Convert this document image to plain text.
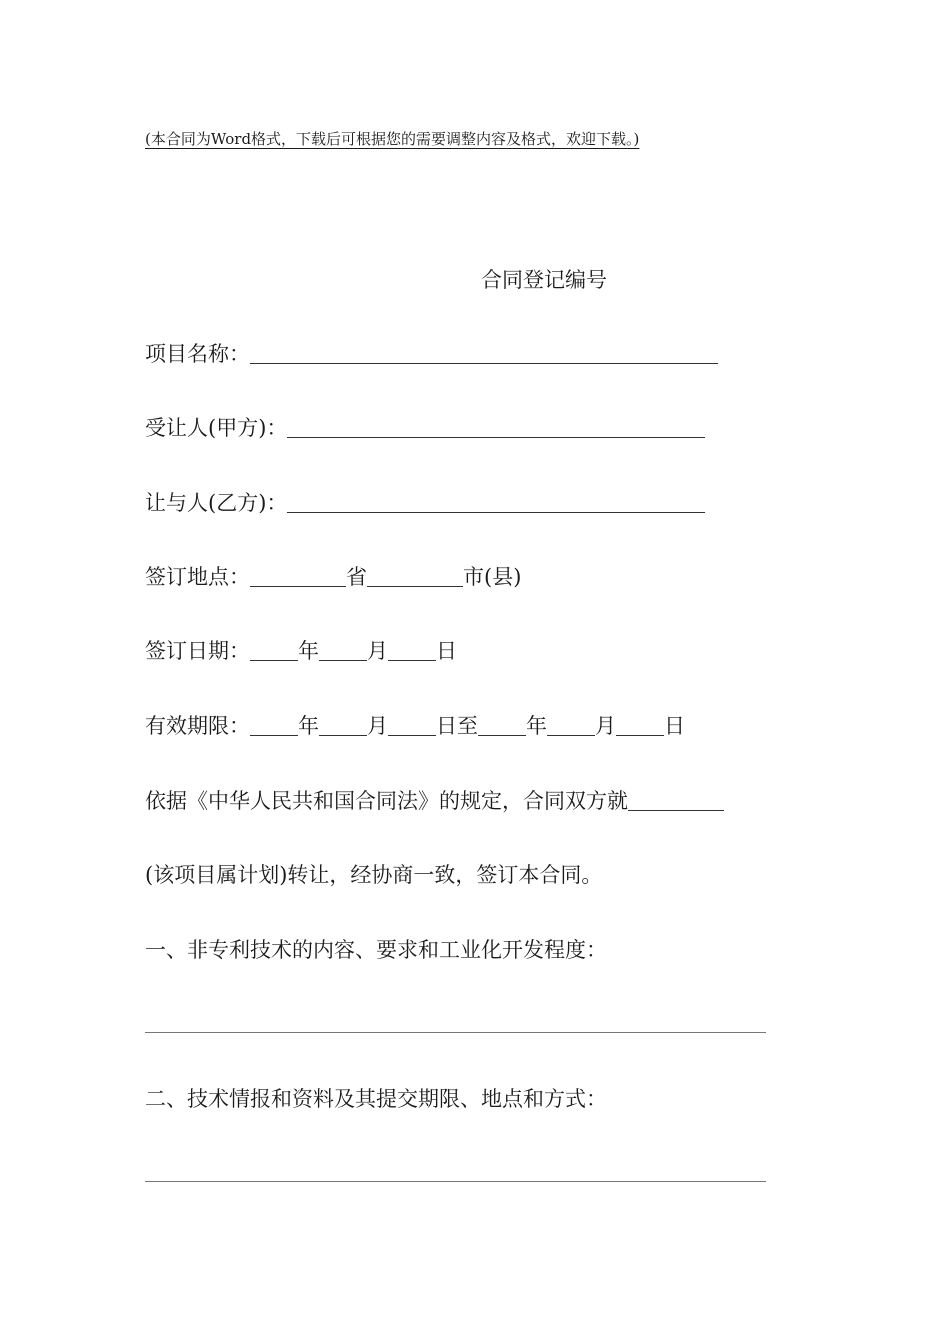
(本合同为Word格式，下载后可根据您的需要调整内容及格式，欢迎下载。)
合同登记编号
项目名称：
受让人(甲方)：
让与人(乙方)：
签订地点：	省	市(县)
签订日期： 年 月 日
有效期限： 年 月 日至 年 月 日
依据《中华人民共和国合同法》的规定，合同双方就
(该项目属计划)转让，经协商一致，签订本合同。
一、非专利技术的内容、要求和工业化开发程度：
二、技术情报和资料及其提交期限、地点和方式：
